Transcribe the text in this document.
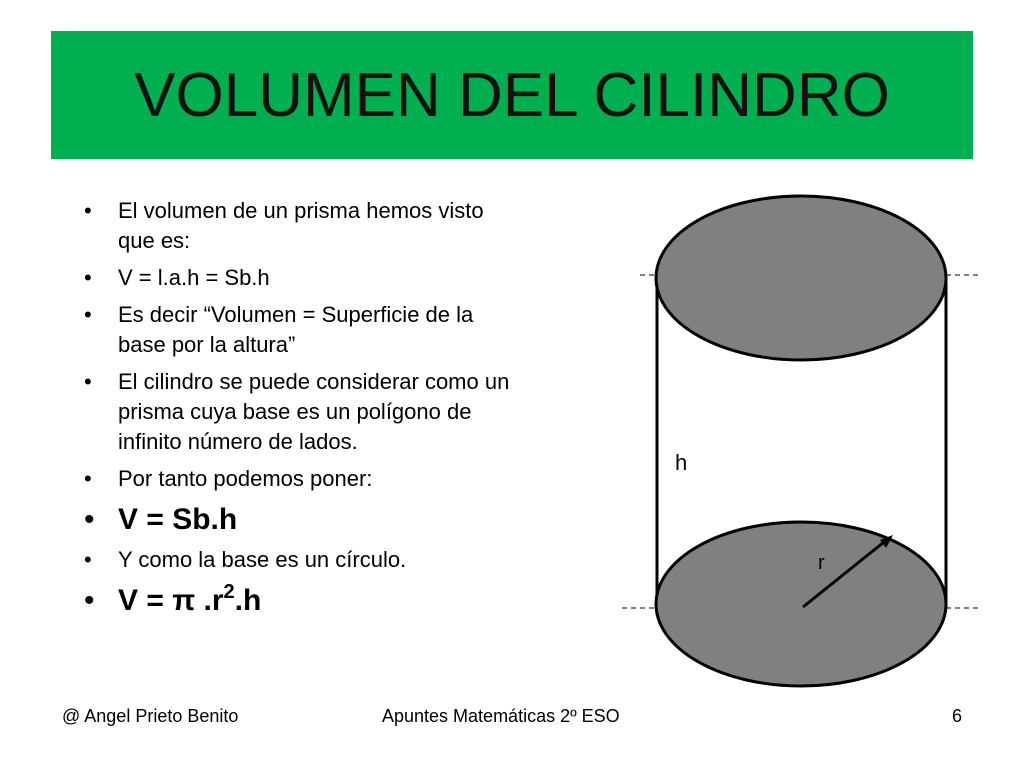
VOLUMEN DEL CILINDRO
• El volumen de un prisma hemos visto que es:
• V = l.a.h = Sb.h
• Es decir “Volumen = Superficie de la base por la altura”
• El cilindro se puede considerar como un prisma cuya base es un polígono de infinito número de lados.
• Por tanto podemos poner:
• V = Sb.h
• Y como la base es un círculo.
• V = π $.r^2.h$
h
r
@ Angel Prieto Benito	Apuntes Matemáticas 2º ESO	6
